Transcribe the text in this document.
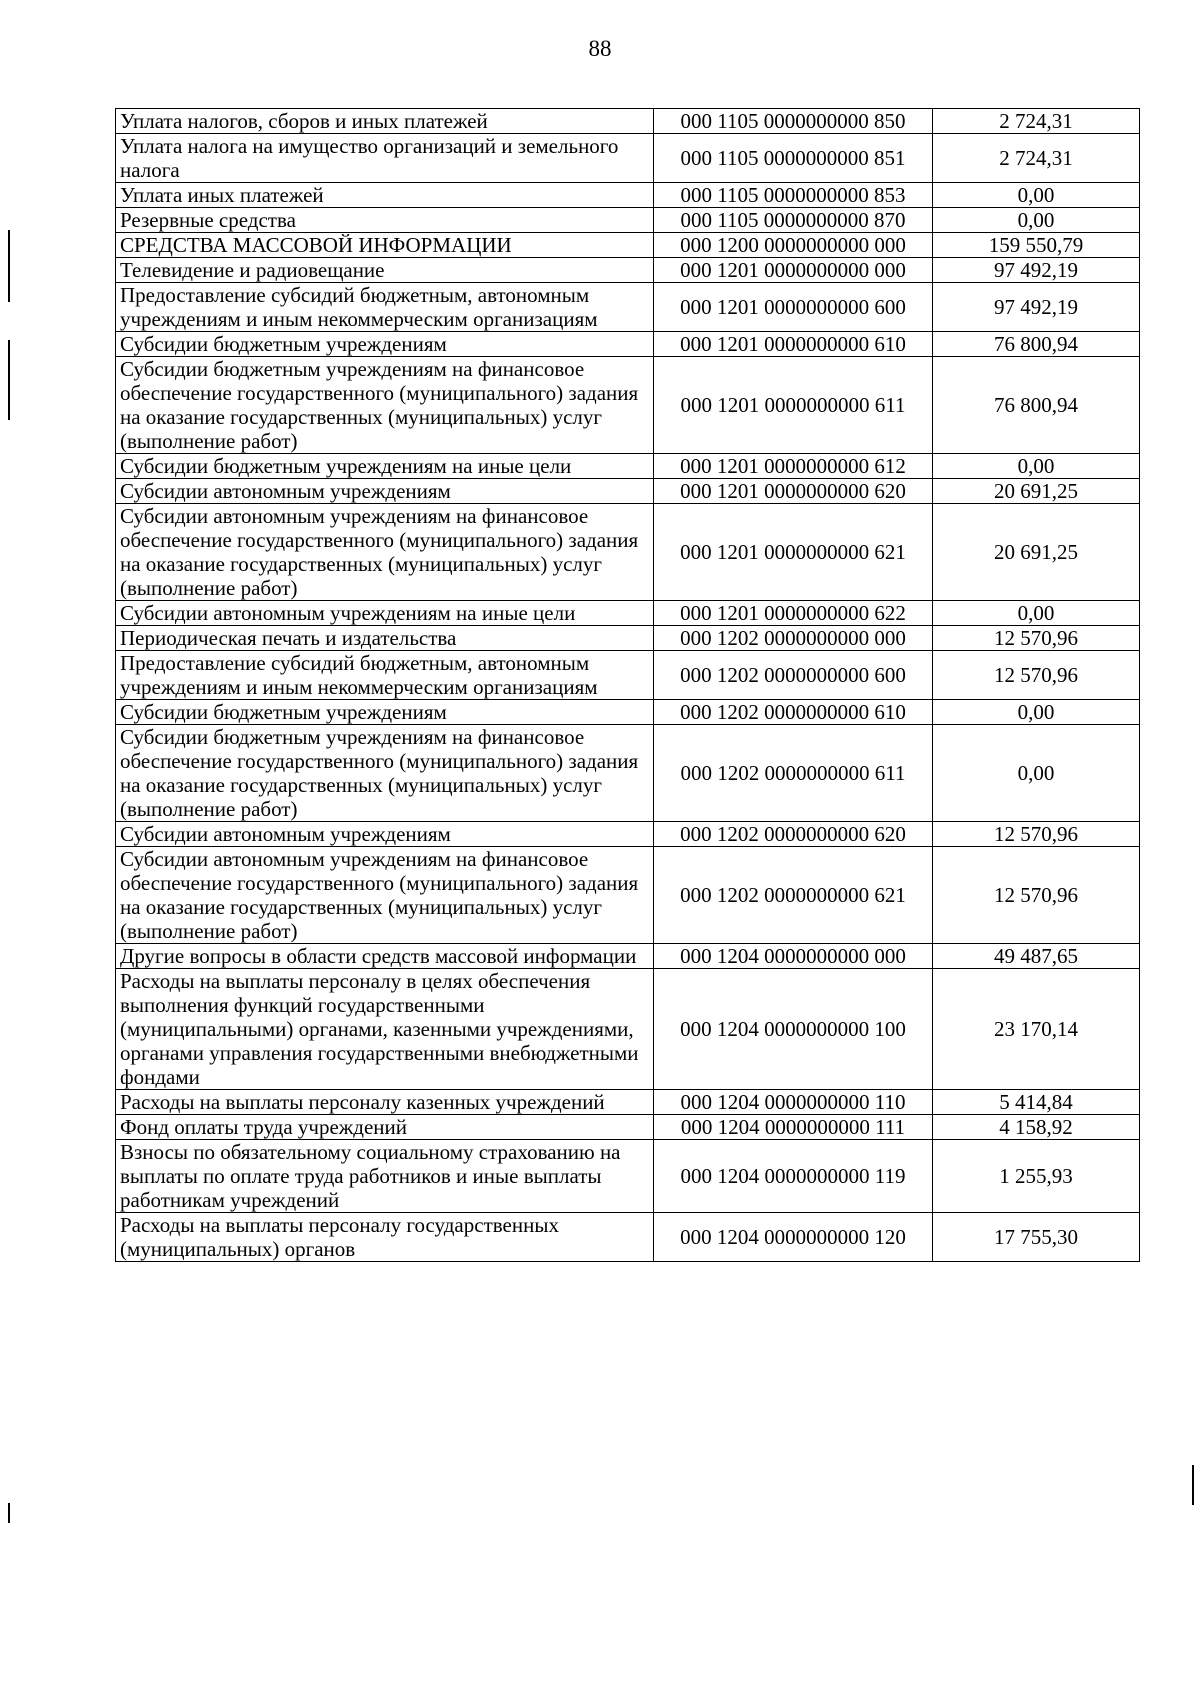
88
Уплата налогов, сборов и иных платежей	000 1105 0000000000 850	2 724,31
Уплата налога на имущество организаций и земельного налога	000 1105 0000000000 851	2 724,31
Уплата иных платежей	000 1105 0000000000 853	0,00
Резервные средства	000 1105 0000000000 870	0,00
СРЕДСТВА МАССОВОЙ ИНФОРМАЦИИ	000 1200 0000000000 000	159 550,79
Телевидение и радиовещание	000 1201 0000000000 000	97 492,19
Предоставление субсидий бюджетным, автономным учреждениям и иным некоммерческим организациям	000 1201 0000000000 600	97 492,19
Субсидии бюджетным учреждениям	000 1201 0000000000 610	76 800,94
Субсидии бюджетным учреждениям на финансовое обеспечение государственного (муниципального) задания на оказание государственных (муниципальных) услуг (выполнение работ)	000 1201 0000000000 611	76 800,94
Субсидии бюджетным учреждениям на иные цели	000 1201 0000000000 612	0,00
Субсидии автономным учреждениям	000 1201 0000000000 620	20 691,25
Субсидии автономным учреждениям на финансовое обеспечение государственного (муниципального) задания на оказание государственных (муниципальных) услуг (выполнение работ)	000 1201 0000000000 621	20 691,25
Субсидии автономным учреждениям на иные цели	000 1201 0000000000 622	0,00
Периодическая печать и издательства	000 1202 0000000000 000	12 570,96
Предоставление субсидий бюджетным, автономным учреждениям и иным некоммерческим организациям	000 1202 0000000000 600	12 570,96
Субсидии бюджетным учреждениям	000 1202 0000000000 610	0,00
Субсидии бюджетным учреждениям на финансовое обеспечение государственного (муниципального) задания на оказание государственных (муниципальных) услуг (выполнение работ)	000 1202 0000000000 611	0,00
Субсидии автономным учреждениям	000 1202 0000000000 620	12 570,96
Субсидии автономным учреждениям на финансовое обеспечение государственного (муниципального) задания на оказание государственных (муниципальных) услуг (выполнение работ)	000 1202 0000000000 621	12 570,96
Другие вопросы в области средств массовой информации	000 1204 0000000000 000	49 487,65
Расходы на выплаты персоналу в целях обеспечения выполнения функций государственными (муниципальными) органами, казенными учреждениями, органами управления государственными внебюджетными фондами	000 1204 0000000000 100	23 170,14
Расходы на выплаты персоналу казенных учреждений	000 1204 0000000000 110	5 414,84
Фонд оплаты труда учреждений	000 1204 0000000000 111	4 158,92
Взносы по обязательному социальному страхованию на выплаты по оплате труда работников и иные выплаты работникам учреждений	000 1204 0000000000 119	1 255,93
Расходы на выплаты персоналу государственных (муниципальных) органов	000 1204 0000000000 120	17 755,30
